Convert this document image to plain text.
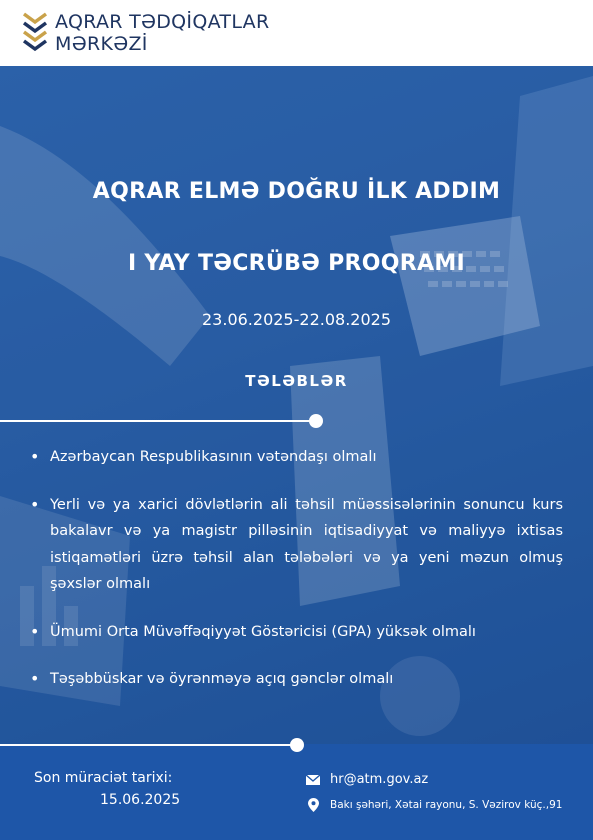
AQRAR TƏDQİQATLAR
MƏRKƏZİ
AQRAR ELMƏ DOĞRU İLK ADDIM
I YAY TƏCRÜBƏ PROQRAMI
23.06.2025-22.08.2025
TƏLƏBLƏR
• Azərbaycan Respublikasının vətəndaşı olmalı
• Yerli və ya xarici dövlətlərin ali təhsil müəssisələrinin sonuncu kurs bakalavr və ya magistr pilləsinin iqtisadiyyat və maliyyə ixtisas istiqamətləri üzrə təhsil alan tələbələri və ya yeni məzun olmuş şəxslər olmalı
• Ümumi Orta Müvəffəqiyyət Göstəricisi (GPA) yüksək olmalı
• Təşəbbüskar və öyrənməyə açıq gənclər olmalı
Son müraciət tarixi:
15.06.2025
hr@atm.gov.az
Bakı şəhəri, Xətai rayonu, S. Vəzirov küç.,91
